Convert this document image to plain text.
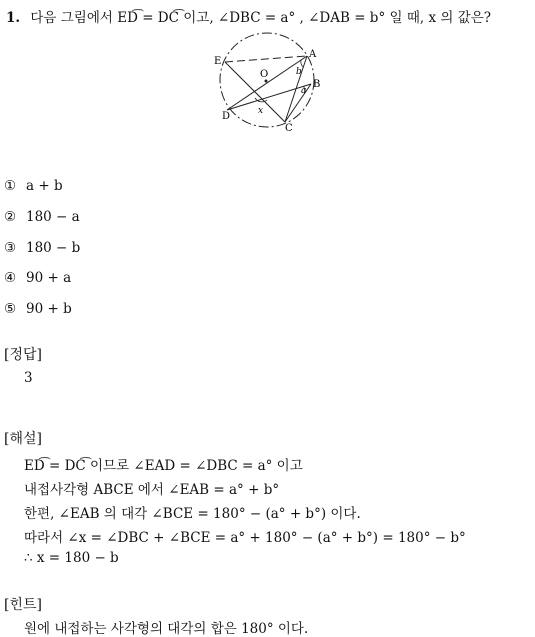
1. 다음 그림에서 ED͡ = DC͡ 이고, ∠DBC = a° , ∠DAB = b° 일 때, x 의 값은?
E
A
O
B
D
C
b
a
x
① a + b
② 180 − a
③ 180 − b
④ 90 + a
⑤ 90 + b
[정답]
3
[해설]
ED͡ = DC͡ 이므로 ∠EAD = ∠DBC = a° 이고
내접사각형 ABCE 에서 ∠EAB = a° + b°
한편, ∠EAB 의 대각 ∠BCE = 180° − (a° + b°) 이다.
따라서 ∠x = ∠DBC + ∠BCE = a° + 180° − (a° + b°) = 180° − b°
∴ x = 180 − b
[힌트]
원에 내접하는 사각형의 대각의 합은 180° 이다.
